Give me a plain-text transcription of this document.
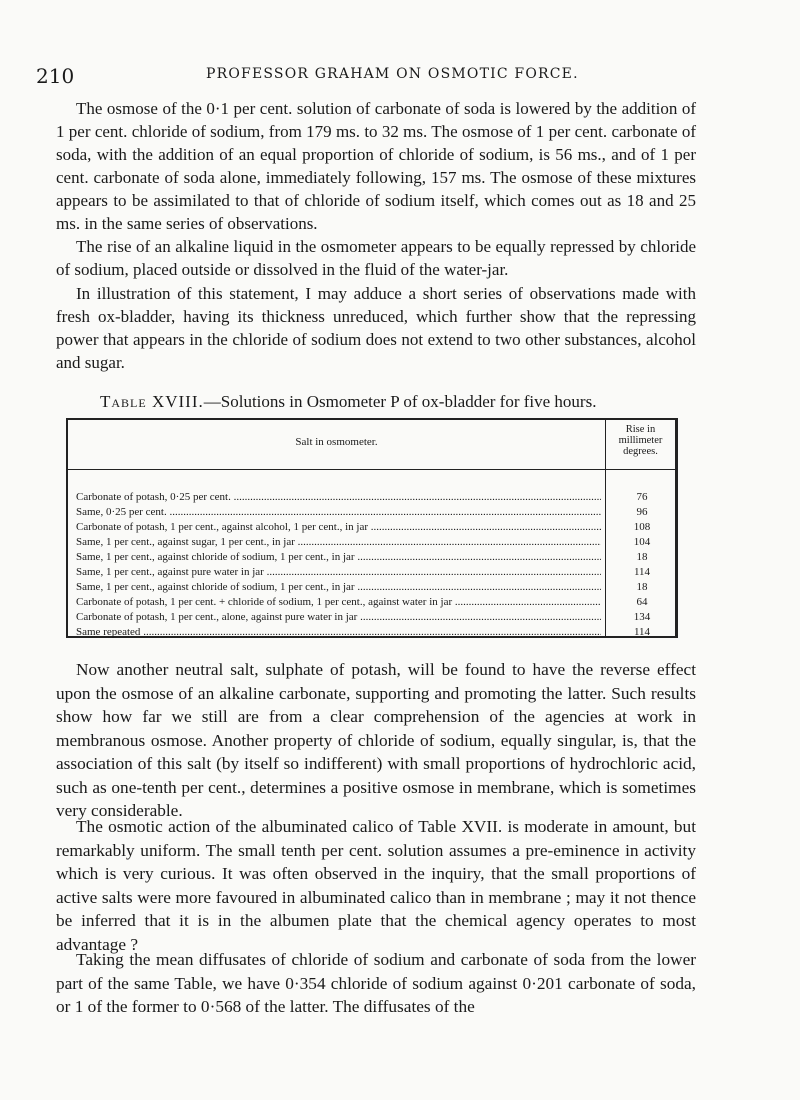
210	PROFESSOR GRAHAM ON OSMOTIC FORCE.

The osmose of the 0·1 per cent. solution of carbonate of soda is lowered by the addition of 1 per cent. chloride of sodium, from 179 ms. to 32 ms. The osmose of 1 per cent. carbonate of soda, with the addition of an equal proportion of chloride of sodium, is 56 ms., and of 1 per cent. carbonate of soda alone, immediately following, 157 ms. The osmose of these mixtures appears to be assimilated to that of chloride of sodium itself, which comes out as 18 and 25 ms. in the same series of observations.

The rise of an alkaline liquid in the osmometer appears to be equally repressed by chloride of sodium, placed outside or dissolved in the fluid of the water-jar.

In illustration of this statement, I may adduce a short series of observations made with fresh ox-bladder, having its thickness unreduced, which further show that the repressing power that appears in the chloride of sodium does not extend to two other substances, alcohol and sugar.

Table XVIII.—Solutions in Osmometer P of ox-bladder for five hours.
Salt in osmometer.
Rise in millimeter degrees.
Carbonate of potash, 0·25 per cent. .....	76
Same, 0·25 per cent. .....	96
Carbonate of potash, 1 per cent., against alcohol, 1 per cent., in jar .....	108
Same, 1 per cent., against sugar, 1 per cent., in jar .....	104
Same, 1 per cent., against chloride of sodium, 1 per cent., in jar .....	18
Same, 1 per cent., against pure water in jar .....	114
Same, 1 per cent., against chloride of sodium, 1 per cent., in jar .....	18
Carbonate of potash, 1 per cent. + chloride of sodium, 1 per cent., against water in jar .....	64
Carbonate of potash, 1 per cent., alone, against pure water in jar .....	134
Same repeated .....	114

Now another neutral salt, sulphate of potash, will be found to have the reverse effect upon the osmose of an alkaline carbonate, supporting and promoting the latter. Such results show how far we still are from a clear comprehension of the agencies at work in membranous osmose. Another property of chloride of sodium, equally singular, is, that the association of this salt (by itself so indifferent) with small proportions of hydrochloric acid, such as one-tenth per cent., determines a positive osmose in membrane, which is sometimes very considerable.

The osmotic action of the albuminated calico of Table XVII. is moderate in amount, but remarkably uniform. The small tenth per cent. solution assumes a pre-eminence in activity which is very curious. It was often observed in the inquiry, that the small proportions of active salts were more favoured in albuminated calico than in membrane ; may it not thence be inferred that it is in the albumen plate that the chemical agency operates to most advantage ?

Taking the mean diffusates of chloride of sodium and carbonate of soda from the lower part of the same Table, we have 0·354 chloride of sodium against 0·201 carbonate of soda, or 1 of the former to 0·568 of the latter. The diffusates of the
